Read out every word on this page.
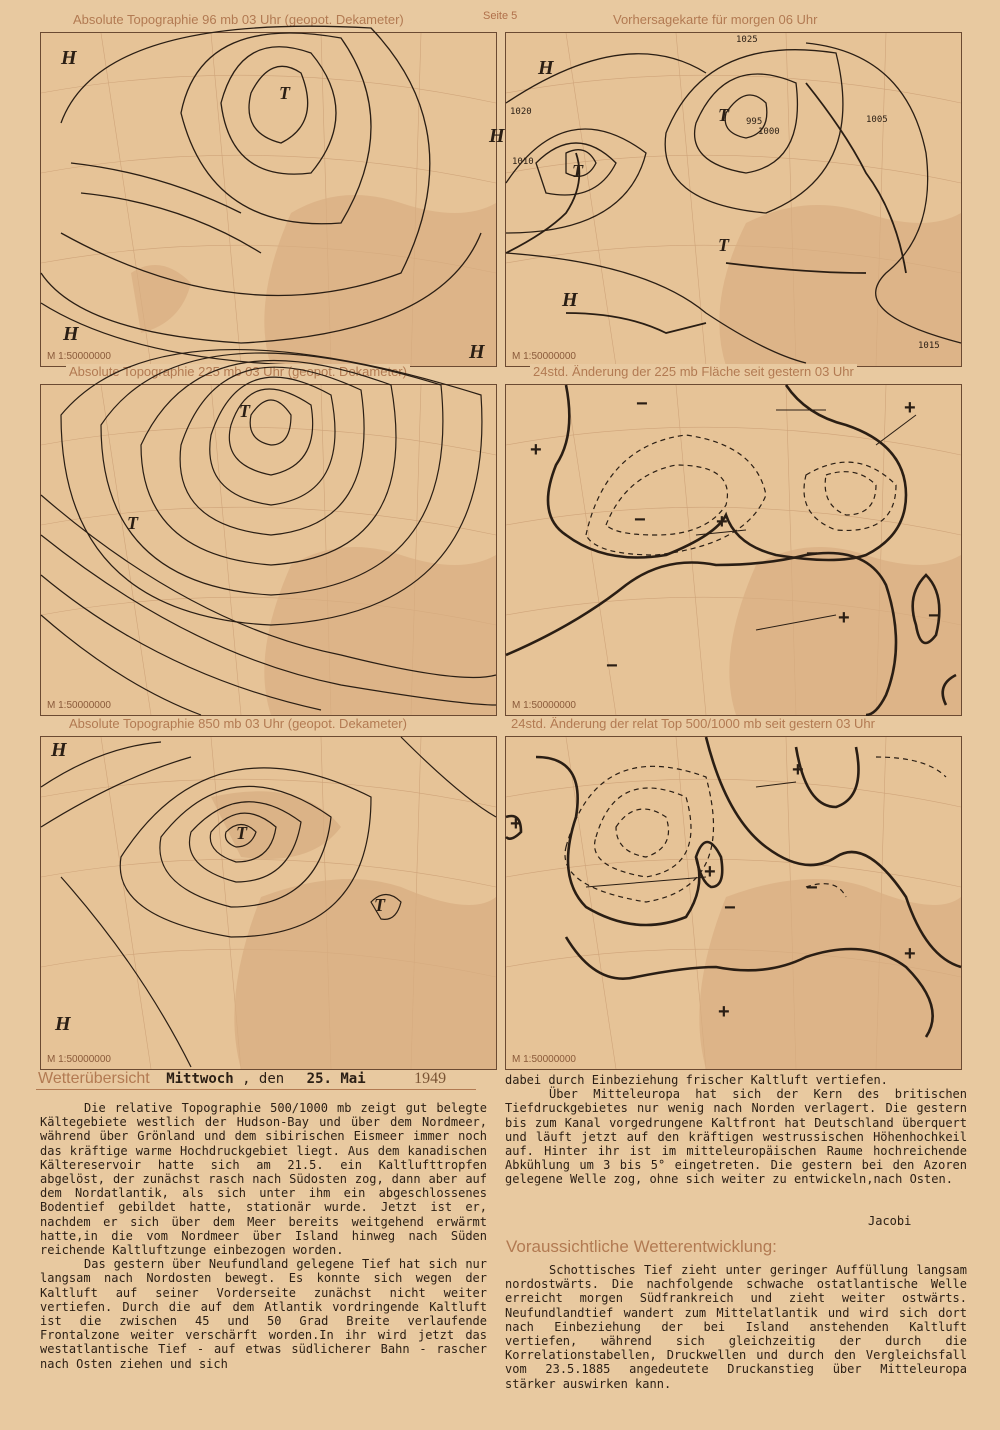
Seite 5
Absolute Topographie 96 mb 03 Uhr (geopot. Dekameter)
H
T
H
H
H
M 1:50000000
Vorhersagekarte für morgen 06 Uhr
H
T
T
T
H
1015
1020
1025
1005
1000
995
1010
M 1:50000000
Absolute Topographie 225 mb 03 Uhr (geopot. Dekameter)
T
T
M 1:50000000
24std. Änderung der 225 mb Fläche seit gestern 03 Uhr
+
+
+
+
−
−
−
−
−
M 1:50000000
Absolute Topographie 850 mb 03 Uhr (geopot. Dekameter)
H
T
T
H
M 1:50000000
24std. Änderung der relat Top 500/1000 mb seit gestern 03 Uhr
+
+
+
+
+
−
−
M 1:50000000
Wetterübersicht Mittwoch , den 25. Mai	1949

Die relative Topographie 500/1000 mb zeigt gut belegte Kältegebiete westlich der Hudson-Bay und über dem Nordmeer, während über Grönland und dem sibirischen Eismeer immer noch das kräftige warme Hochdruckgebiet liegt. Aus dem kanadischen Kältereservoir hatte sich am 21.5. ein Kaltlufttropfen abgelöst, der zunächst rasch nach Südosten zog, dann aber auf dem Nordatlantik, als sich unter ihm ein abgeschlossenes Bodentief gebildet hatte, stationär wurde. Jetzt ist er, nachdem er sich über dem Meer bereits weitgehend erwärmt hatte,in die vom Nordmeer über Island hinweg nach Süden reichende Kaltluftzunge einbezogen worden.

Das gestern über Neufundland gelegene Tief hat sich nur langsam nach Nordosten bewegt. Es konnte sich wegen der Kaltluft auf seiner Vorderseite zunächst nicht weiter vertiefen. Durch die auf dem Atlantik vordringende Kaltluft ist die zwischen 45 und 50 Grad Breite verlaufende Frontalzone weiter verschärft worden.In ihr wird jetzt das westatlantische Tief - auf etwas südlicherer Bahn - rascher nach Osten ziehen und sich

dabei durch Einbeziehung frischer Kaltluft vertiefen.

Über Mitteleuropa hat sich der Kern des britischen Tiefdruckgebietes nur wenig nach Norden verlagert. Die gestern bis zum Kanal vorgedrungene Kaltfront hat Deutschland überquert und läuft jetzt auf den kräftigen westrussischen Höhenhochkeil auf. Hinter ihr ist im mitteleuropäischen Raume hochreichende Abkühlung um 3 bis 5° eingetreten. Die gestern bei den Azoren gelegene Welle zog, ohne sich weiter zu entwickeln,nach Osten.

Jacobi
Voraussichtliche Wetterentwicklung:

Schottisches Tief zieht unter geringer Auffüllung langsam nordostwärts. Die nachfolgende schwache ostatlantische Welle erreicht morgen Südfrankreich und zieht weiter ostwärts. Neufundlandtief wandert zum Mittelatlantik und wird sich dort nach Einbeziehung der bei Island anstehenden Kaltluft vertiefen, während sich gleichzeitig der durch die Korrelationstabellen, Druckwellen und durch den Vergleichsfall vom 23.5.1885 angedeutete Druckanstieg über Mitteleuropa stärker auswirken kann.
